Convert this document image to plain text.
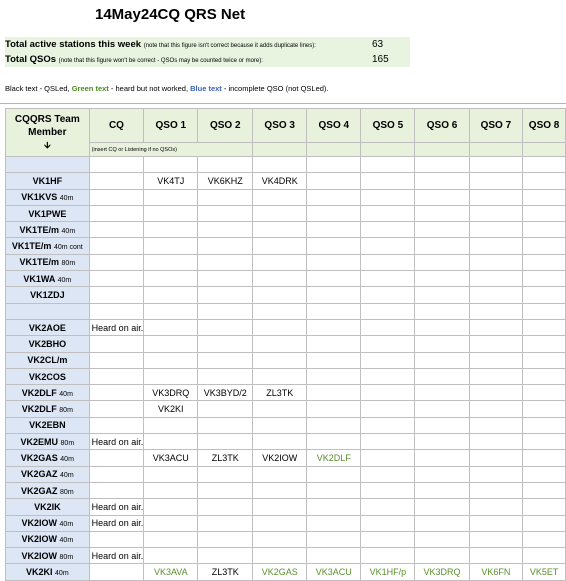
14May24CQ QRS Net
Total active stations this week (note that this figure isn't correct because it adds duplicate lines):	63
Total QSOs (note that this figure won't be correct - QSOs may be counted twice or more):	165
Black text - QSLed, Green text - heard but not worked, Blue text - incomplete QSO (not QSLed).
CQQRS Team
Member
🡫	CQ	QSO 1	QSO 2	QSO 3	QSO 4	QSO 5	QSO 6	QSO 7	QSO 8
	(insert CQ or Listening if no QSOs)								

VK1HF		VK4TJ	VK6KHZ	VK4DRK					
VK1KVS 40m									
VK1PWE									
VK1TE/m 40m									
VK1TE/m 40m cont									
VK1TE/m 80m									
VK1WA 40m									
VK1ZDJ									

VK2AOE	Heard on air.								
VK2BHO									
VK2CL/m									
VK2COS									
VK2DLF 40m		VK3DRQ	VK3BYD/2	ZL3TK					
VK2DLF 80m		VK2KI							
VK2EBN									
VK2EMU 80m	Heard on air.								
VK2GAS 40m		VK3ACU	ZL3TK	VK2IOW	VK2DLF				
VK2GAZ 40m									
VK2GAZ 80m									
VK2IK	Heard on air.								
VK2IOW 40m	Heard on air.								
VK2IOW 40m									
VK2IOW 80m	Heard on air.								
VK2KI 40m		VK3AVA	ZL3TK	VK2GAS	VK3ACU	VK1HF/p	VK3DRQ	VK6FN	VK5ET
